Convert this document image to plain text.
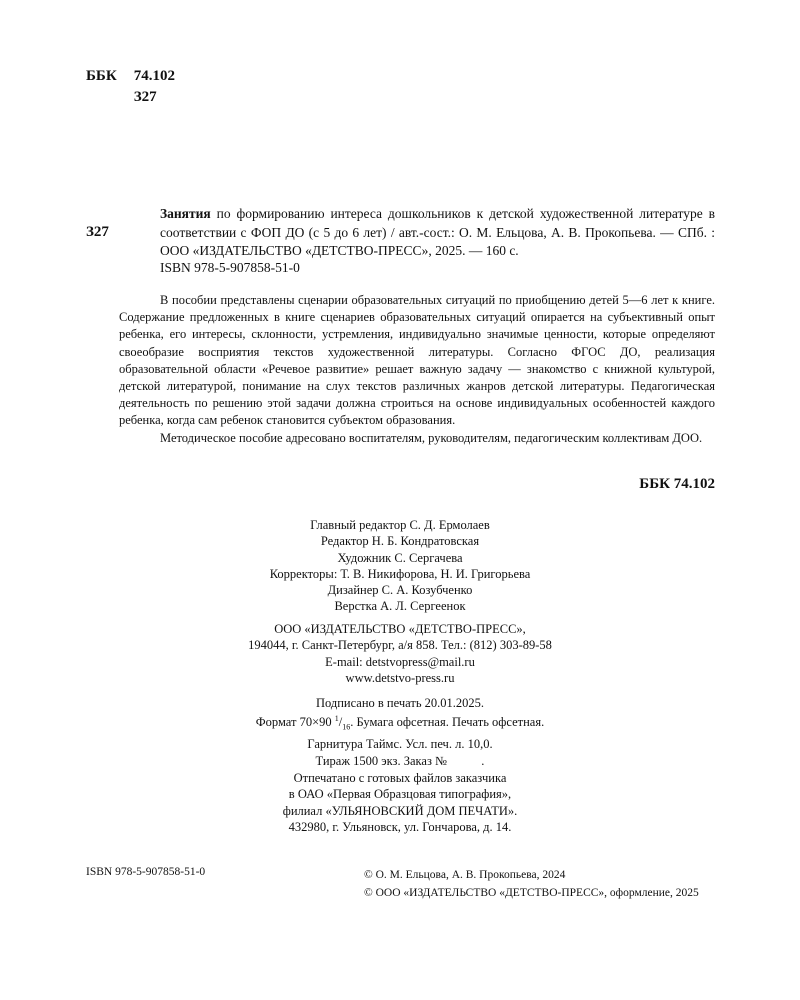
ББК 74.102
З27
З27

Занятия по формированию интереса дошкольников к детской художественной литературе в соответствии с ФОП ДО (с 5 до 6 лет) / авт.-сост.: О. М. Ельцова, А. В. Прокопьева. — СПб. : ООО «ИЗДАТЕЛЬСТВО «ДЕТСТВО-ПРЕСС», 2025. — 160 с.

ISBN 978-5-907858-51-0

В пособии представлены сценарии образовательных ситуаций по приобщению детей 5—6 лет к книге. Содержание предложенных в книге сценариев образовательных ситуаций опирается на субъективный опыт ребенка, его интересы, склонности, устремления, индивидуально значимые ценности, которые определяют своеобразие восприятия текстов художественной литературы. Согласно ФГОС ДО, реализация образовательной области «Речевое развитие» решает важную задачу — знакомство с книжной культурой, детской литературой, понимание на слух текстов различных жанров детской литературы. Педагогическая деятельность по решению этой задачи должна строиться на основе индивидуальных особенностей каждого ребенка, когда сам ребенок становится субъектом образования.

Методическое пособие адресовано воспитателям, руководителям, педагогическим коллективам ДОО.

ББК 74.102
Главный редактор С. Д. Ермолаев
Редактор Н. Б. Кондратовская
Художник С. Сергачева
Корректоры: Т. В. Никифорова, Н. И. Григорьева
Дизайнер С. А. Козубченко
Верстка А. Л. Сергеенок
ООО «ИЗДАТЕЛЬСТВО «ДЕТСТВО-ПРЕСС»,
194044, г. Санкт-Петербург, а/я 858. Тел.: (812) 303-89-58
E-mail: detstvopress@mail.ru
www.detstvo-press.ru
Подписано в печать 20.01.2025.
Формат 70×90 $^1/_{16}$. Бумага офсетная. Печать офсетная.
Гарнитура Таймс. Усл. печ. л. 10,0.
Тираж 1500 экз. Заказ №           .
Отпечатано с готовых файлов заказчика
в ОАО «Первая Образцовая типография»,
филиал «УЛЬЯНОВСКИЙ ДОМ ПЕЧАТИ».
432980, г. Ульяновск, ул. Гончарова, д. 14.
ISBN 978-5-907858-51-0	© О. М. Ельцова, А. В. Прокопьева, 2024
© ООО «ИЗДАТЕЛЬСТВО «ДЕТСТВО-ПРЕСС», оформление, 2025
